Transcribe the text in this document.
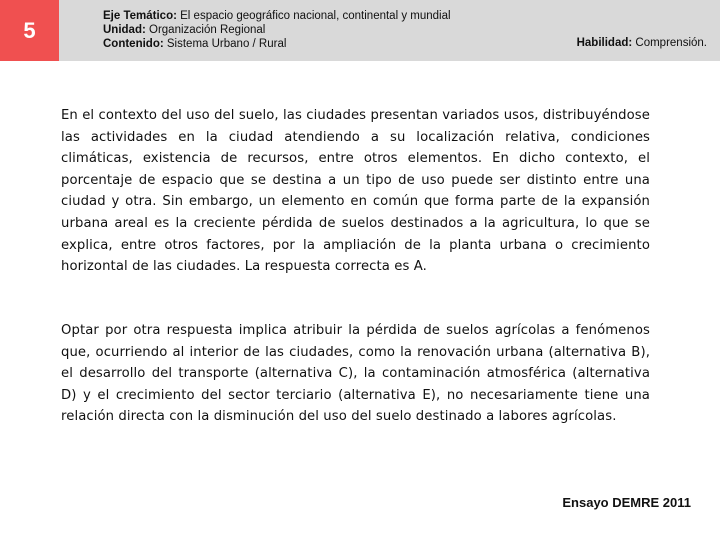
5
Eje Temático: El espacio geográfico nacional, continental y mundial
Unidad: Organización Regional
Contenido: Sistema Urbano / Rural	Habilidad: Comprensión.
En el contexto del uso del suelo, las ciudades presentan variados usos, distribuyéndose las actividades en la ciudad atendiendo a su localización relativa, condiciones climáticas, existencia de recursos, entre otros elementos. En dicho contexto, el porcentaje de espacio que se destina a un tipo de uso puede ser distinto entre una ciudad y otra. Sin embargo, un elemento en común que forma parte de la expansión urbana areal es la creciente pérdida de suelos destinados a la agricultura, lo que se explica, entre otros factores, por la ampliación de la planta urbana o crecimiento horizontal de las ciudades. La respuesta correcta es A.
Optar por otra respuesta implica atribuir la pérdida de suelos agrícolas a fenómenos que, ocurriendo al interior de las ciudades, como la renovación urbana (alternativa B), el desarrollo del transporte (alternativa C), la contaminación atmosférica (alternativa D) y el crecimiento del sector terciario (alternativa E), no necesariamente tiene una relación directa con la disminución del uso del suelo destinado a labores agrícolas.
Ensayo DEMRE 2011
